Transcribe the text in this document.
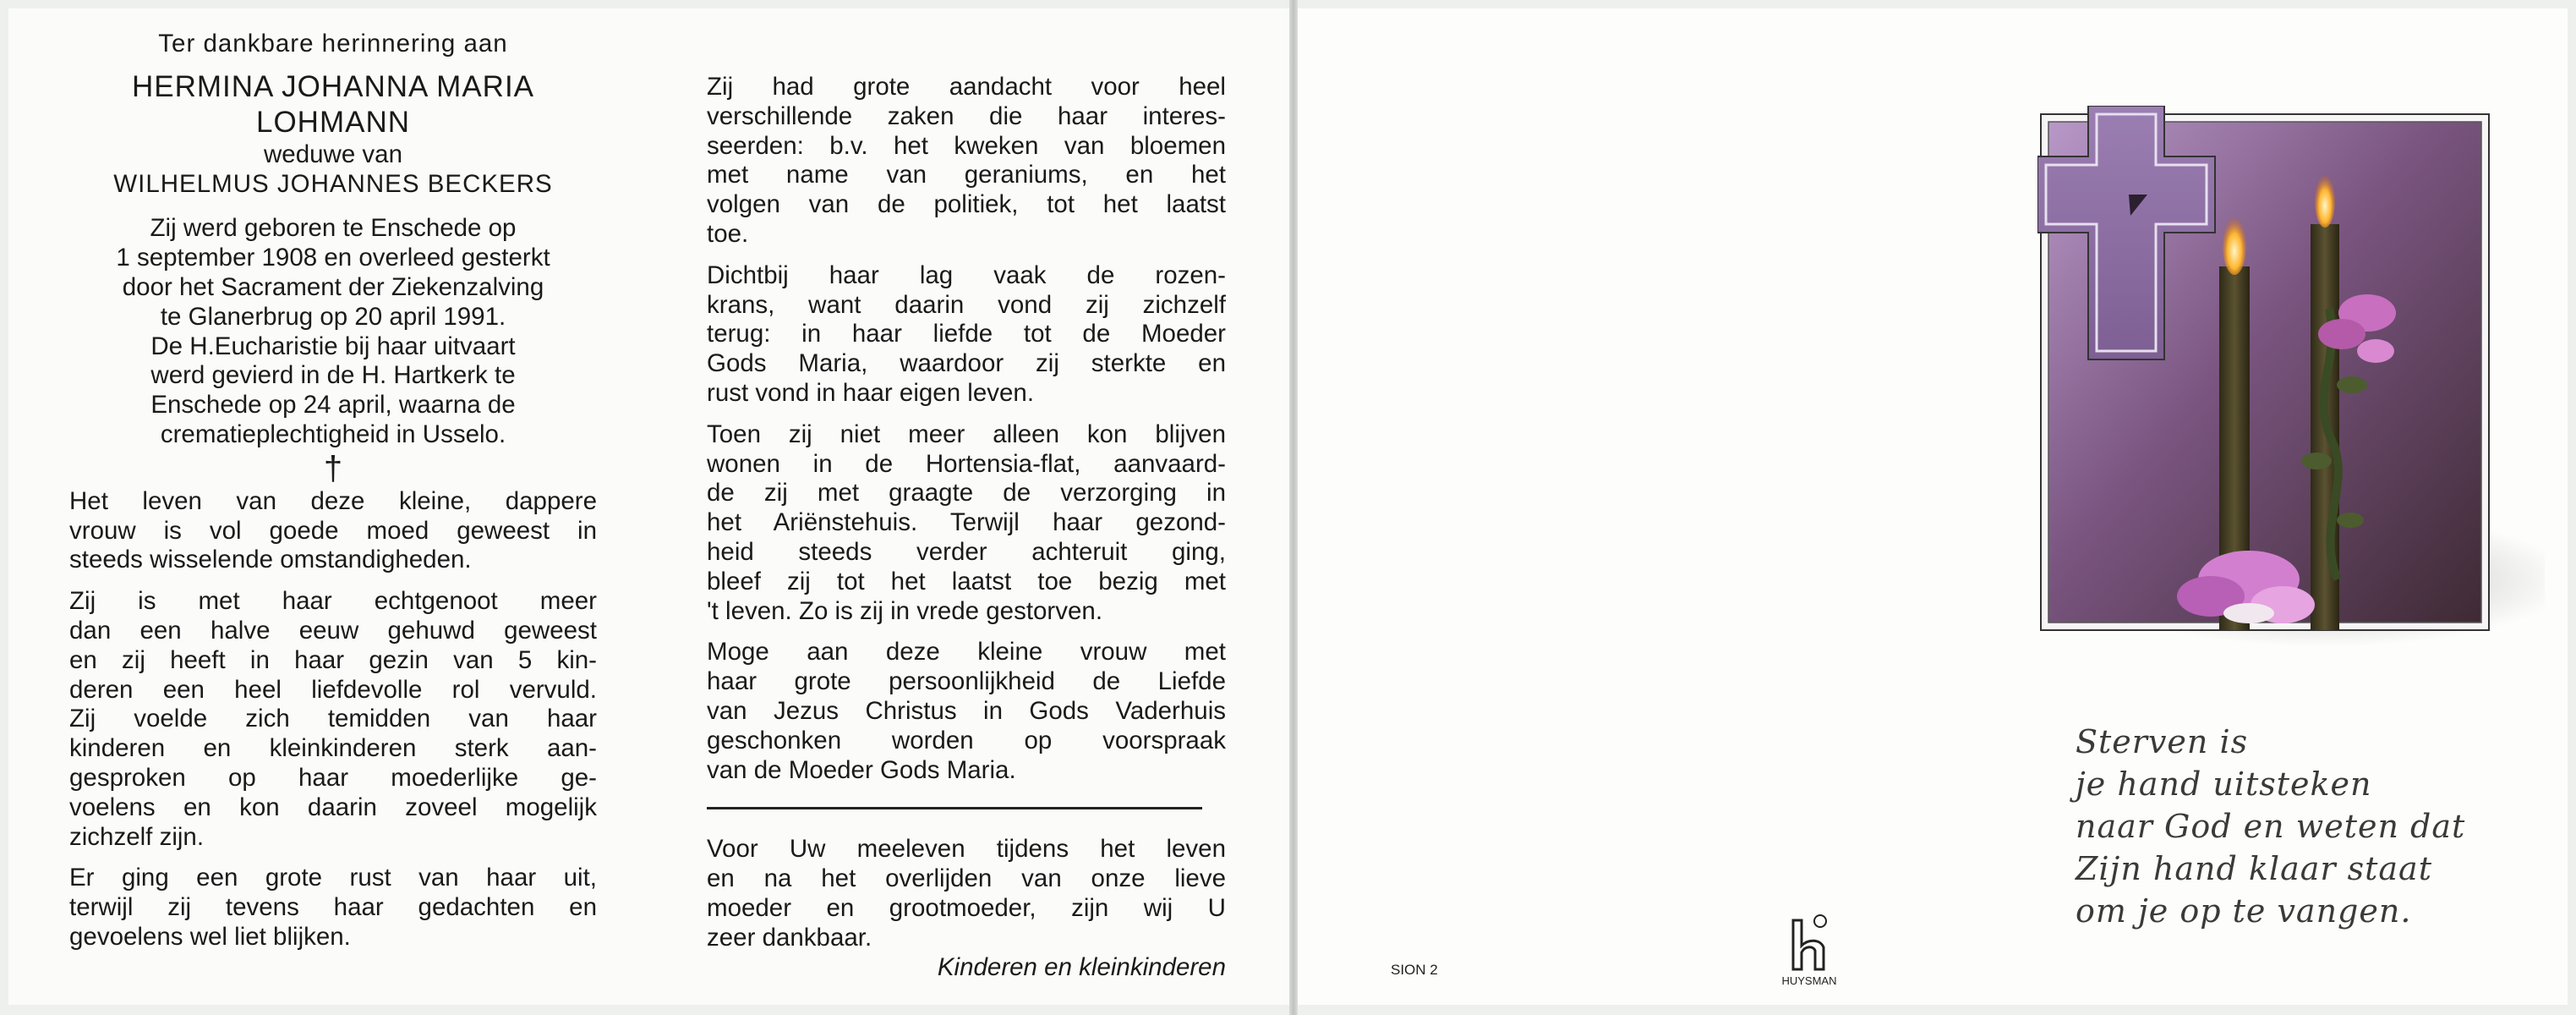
Ter dankbare herinnering aan

HERMINA JOHANNA MARIA

LOHMANN

weduwe van

WILHELMUS JOHANNES BECKERS

Zij werd geboren te Enschede op

1 september 1908 en overleed gesterkt

door het Sacrament der Ziekenzalving

te Glanerbrug op 20 april 1991.

De H.Eucharistie bij haar uitvaart

werd gevierd in de H. Hartkerk te

Enschede op 24 april, waarna de

crematieplechtigheid in Usselo.

†

Het leven van deze kleine, dappere

vrouw is vol goede moed geweest in

steeds wisselende omstandigheden.

Zij is met haar echtgenoot meer

dan een halve eeuw gehuwd geweest

en zij heeft in haar gezin van 5 kin-

deren een heel liefdevolle rol vervuld.

Zij voelde zich temidden van haar

kinderen en kleinkinderen sterk aan-

gesproken op haar moederlijke ge-

voelens en kon daarin zoveel mogelijk

zichzelf zijn.

Er ging een grote rust van haar uit,

terwijl zij tevens haar gedachten en

gevoelens wel liet blijken.

Zij had grote aandacht voor heel

verschillende zaken die haar interes-

seerden: b.v. het kweken van bloemen

met name van geraniums, en het

volgen van de politiek, tot het laatst

toe.

Dichtbij haar lag vaak de rozen-

krans, want daarin vond zij zichzelf

terug: in haar liefde tot de Moeder

Gods Maria, waardoor zij sterkte en

rust vond in haar eigen leven.

Toen zij niet meer alleen kon blijven

wonen in de Hortensia-flat, aanvaard-

de zij met graagte de verzorging in

het Ariënstehuis. Terwijl haar gezond-

heid steeds verder achteruit ging,

bleef zij tot het laatst toe bezig met

't leven. Zo is zij in vrede gestorven.

Moge aan deze kleine vrouw met

haar grote persoonlijkheid de Liefde

van Jezus Christus in Gods Vaderhuis

geschonken worden op voorspraak

van de Moeder Gods Maria.

Voor Uw meeleven tijdens het leven

en na het overlijden van onze lieve

moeder en grootmoeder, zijn wij U

zeer dankbaar.

Kinderen en kleinkinderen

Sterven is

je hand uitsteken

naar God en weten dat

Zijn hand klaar staat

om je op te vangen.

SION 2
HUYSMAN
